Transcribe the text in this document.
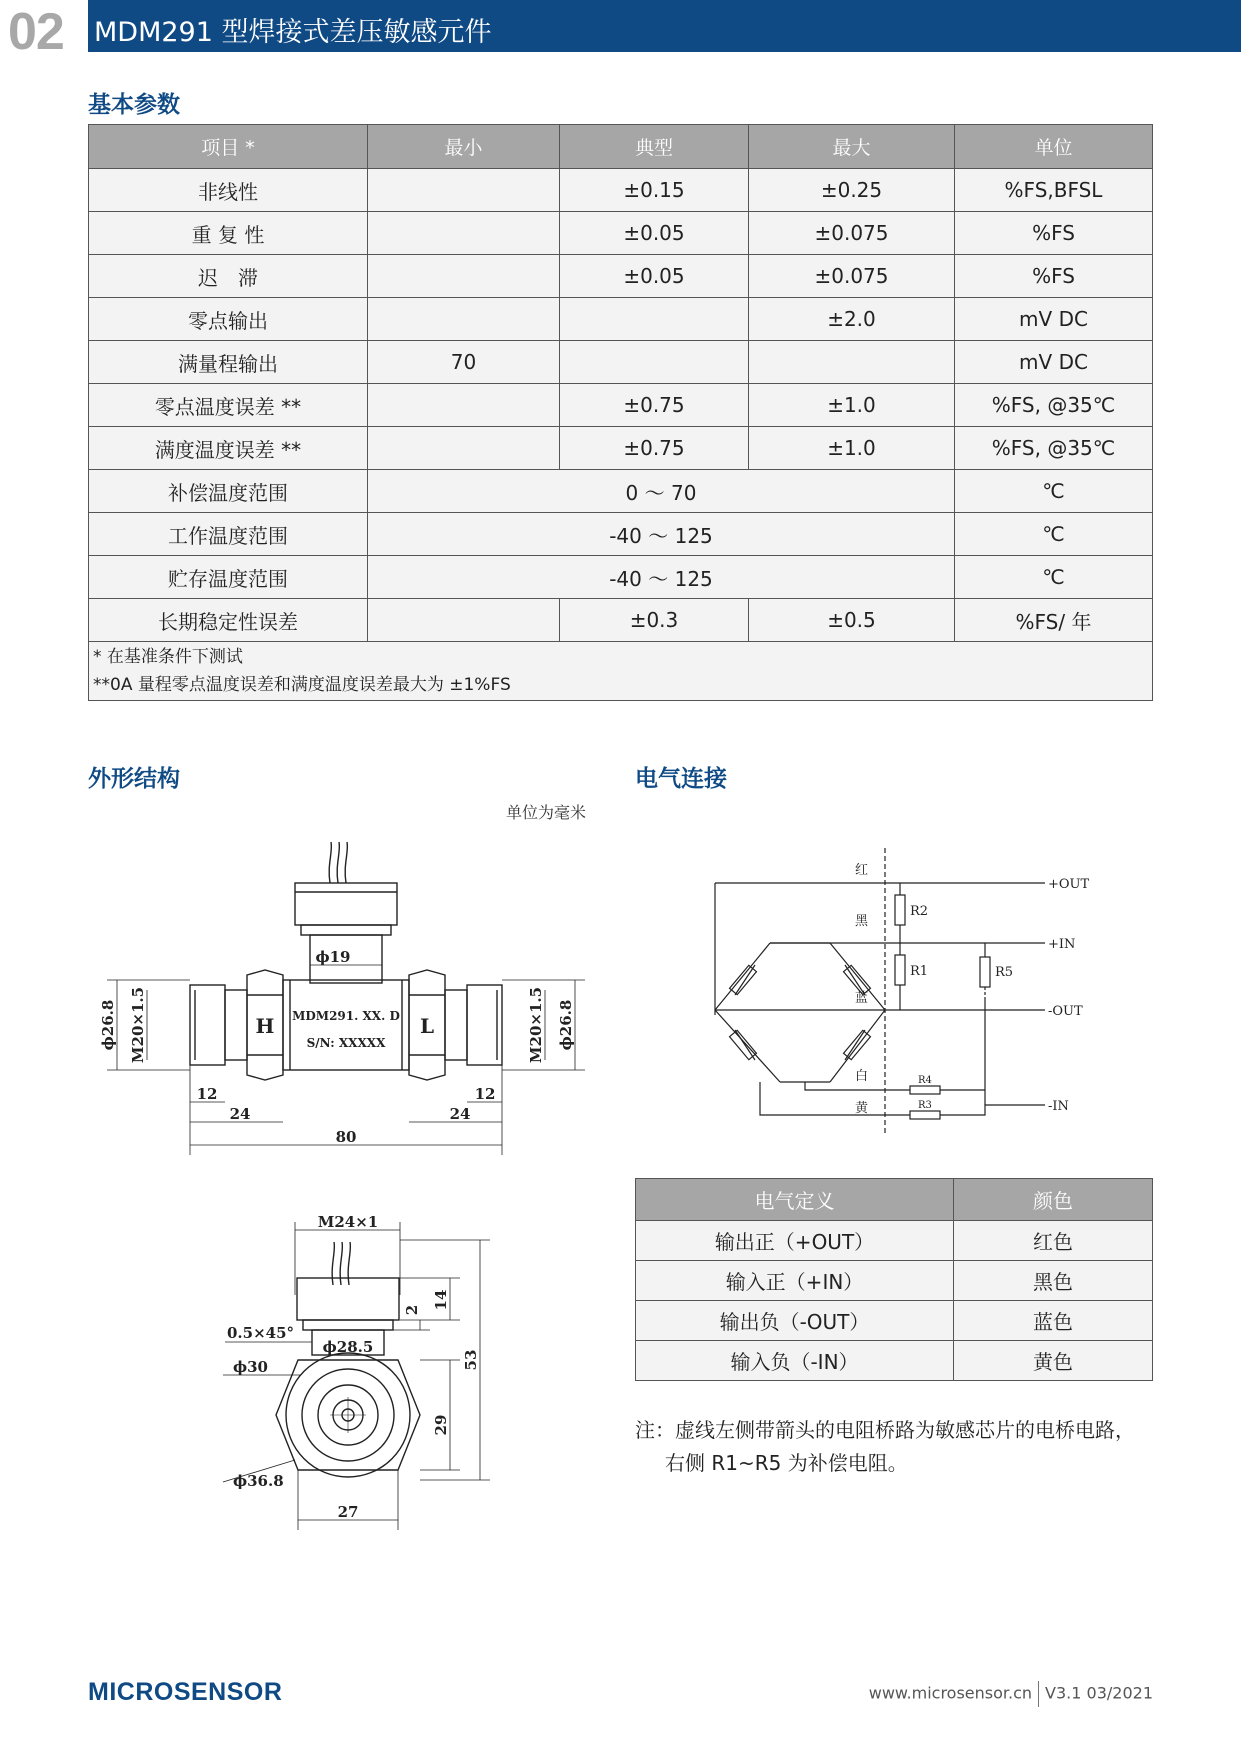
02 MDM291 型焊接式差压敏感元件
基本参数
项目 *	最小	典型	最大	单位
非线性		±0.15	±0.25	%FS,BFSL
重 复 性		±0.05	±0.075	%FS
迟　滞		±0.05	±0.075	%FS
零点输出			±2.0	mV DC
满量程输出	70			mV DC
零点温度误差 **		±0.75	±1.0	%FS, @35℃
满度温度误差 **		±0.75	±1.0	%FS, @35℃
补偿温度范围	0 ～ 70			℃
工作温度范围	-40 ～ 125			℃
贮存温度范围	-40 ～ 125			℃
长期稳定性误差		±0.3	±0.5	%FS/ 年

* 在基准条件下测试
**0A 量程零点温度误差和满度温度误差最大为 ±1%FS				
外形结构	电气连接
单位为毫米
ϕ19
H	L
MDM291. XX. D
S/N: XXXXX
12
24
12
24
80
ϕ26.8 M20×1.5	M20×1.5 ϕ26.8
M24×1
0.5×45°
ϕ28.5
ϕ30
ϕ36.8
2 14
53
29
27
红
黑
蓝
白
黄
+OUT
+IN
-OUT
-IN
R2
R1	R5
R4
R3
电气定义	颜色
输出正（+OUT）	红色
输入正（+IN）	黑色
输出负（-OUT）	蓝色
输入负（-IN）	黄色
注：虚线左侧带箭头的电阻桥路为敏感芯片的电桥电路，
右侧 R1~R5 为补偿电阻。
MICROSENSOR	www.microsensor.cn V3.1 03/2021
